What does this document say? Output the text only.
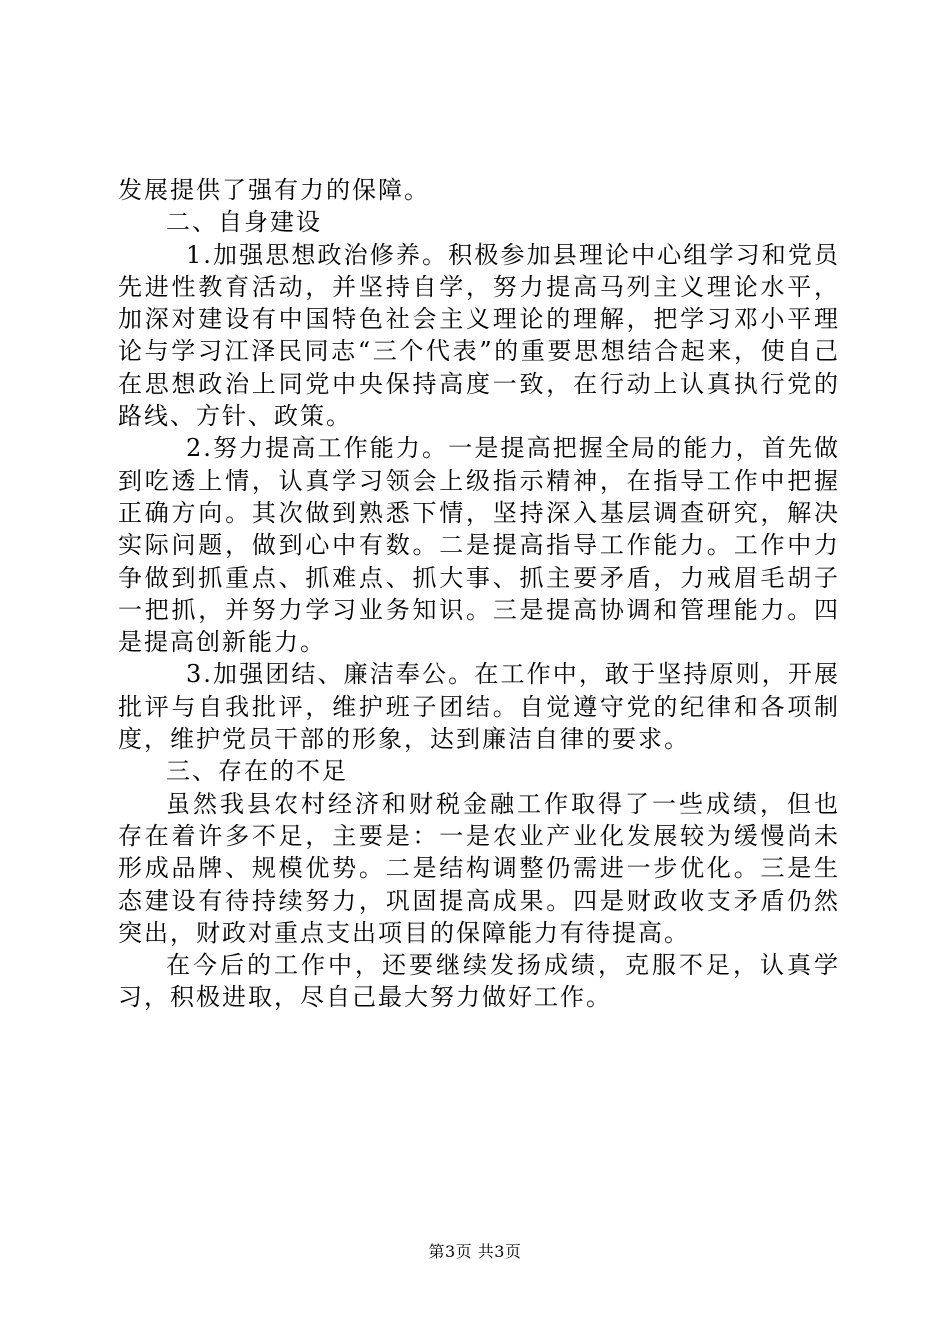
发展提供了强有力的保障。

二、自身建设

1.加强思想政治修养。积极参加县理论中心组学习和党员先进性教育活动，并坚持自学，努力提高马列主义理论水平，加深对建设有中国特色社会主义理论的理解，把学习邓小平理论与学习江泽民同志“三个代表”的重要思想结合起来，使自己在思想政治上同党中央保持高度一致，在行动上认真执行党的路线、方针、政策。

2.努力提高工作能力。一是提高把握全局的能力，首先做到吃透上情，认真学习领会上级指示精神，在指导工作中把握正确方向。其次做到熟悉下情，坚持深入基层调查研究，解决实际问题，做到心中有数。二是提高指导工作能力。工作中力争做到抓重点、抓难点、抓大事、抓主要矛盾，力戒眉毛胡子一把抓，并努力学习业务知识。三是提高协调和管理能力。四是提高创新能力。

3.加强团结、廉洁奉公。在工作中，敢于坚持原则，开展批评与自我批评，维护班子团结。自觉遵守党的纪律和各项制度，维护党员干部的形象，达到廉洁自律的要求。

三、存在的不足

虽然我县农村经济和财税金融工作取得了一些成绩，但也存在着许多不足，主要是：一是农业产业化发展较为缓慢尚未形成品牌、规模优势。二是结构调整仍需进一步优化。三是生态建设有待持续努力，巩固提高成果。四是财政收支矛盾仍然突出，财政对重点支出项目的保障能力有待提高。

在今后的工作中，还要继续发扬成绩，克服不足，认真学习，积极进取，尽自己最大努力做好工作。

第3页 共3页
